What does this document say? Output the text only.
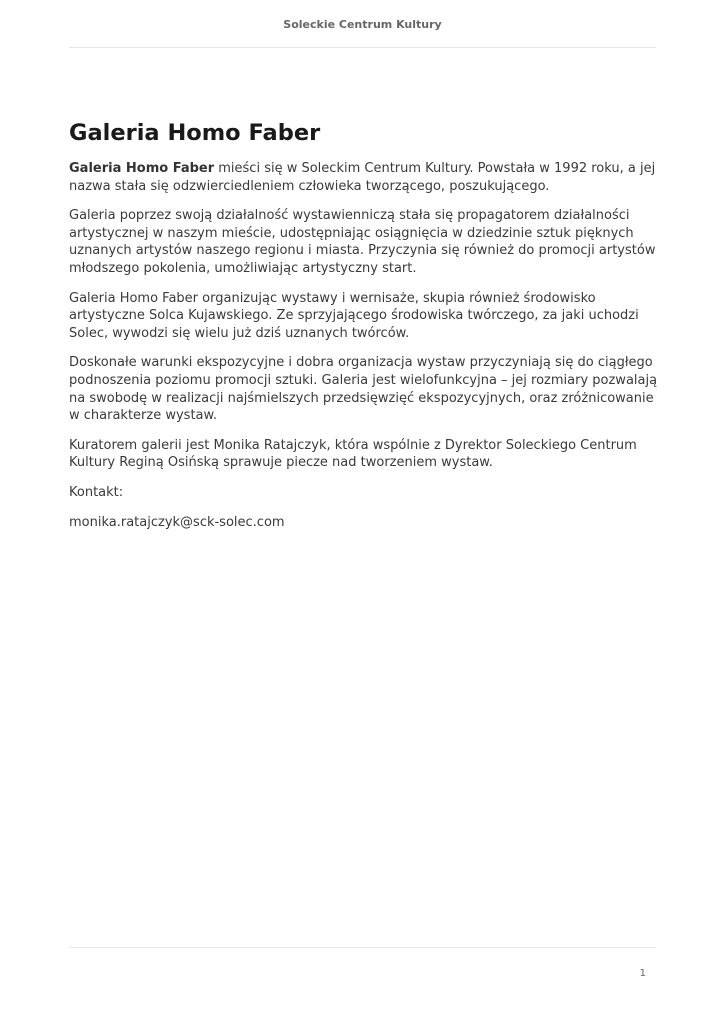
Soleckie Centrum Kultury
Galeria Homo Faber

Galeria Homo Faber mieści się w Soleckim Centrum Kultury. Powstała w 1992 roku, a jej nazwa stała się odzwierciedleniem człowieka tworzącego, poszukującego.

Galeria poprzez swoją działalność wystawienniczą stała się propagatorem działalności artystycznej w naszym mieście, udostępniając osiągnięcia w dziedzinie sztuk pięknych uznanych artystów naszego regionu i miasta. Przyczynia się również do promocji artystów młodszego pokolenia, umożliwiając artystyczny start.

Galeria Homo Faber organizując wystawy i wernisaże, skupia również środowisko artystyczne Solca Kujawskiego. Ze sprzyjającego środowiska twórczego, za jaki uchodzi Solec, wywodzi się wielu już dziś uznanych twórców.

Doskonałe warunki ekspozycyjne i dobra organizacja wystaw przyczyniają się do ciągłego podnoszenia poziomu promocji sztuki. Galeria jest wielofunkcyjna – jej rozmiary pozwalają na swobodę w realizacji najśmielszych przedsięwzięć ekspozycyjnych, oraz zróżnicowanie w charakterze wystaw.

Kuratorem galerii jest Monika Ratajczyk, która wspólnie z Dyrektor Soleckiego Centrum Kultury Reginą Osińską sprawuje piecze nad tworzeniem wystaw.

Kontakt:

monika.ratajczyk@sck-solec.com

1
